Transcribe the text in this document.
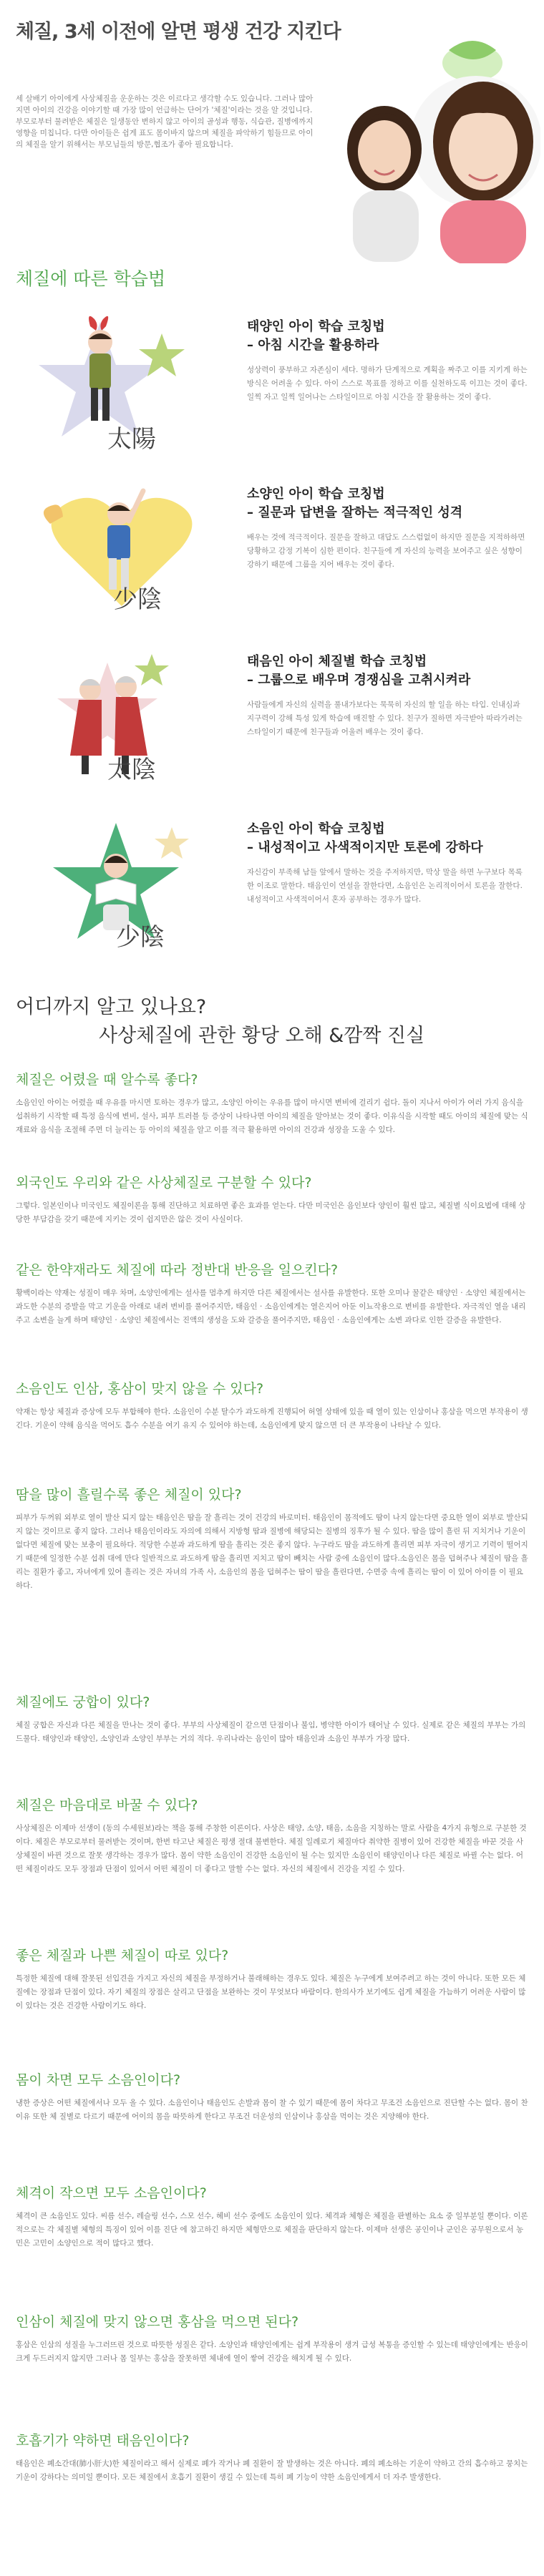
체질, 3세 이전에 알면 평생 건강 지킨다
세 살배기 아이에게 사상체질을 운운하는 것은 이르다고 생각할 수도 있습니다. 그러나 많아지면 아이의 건강을 이야기할 때 가장 많이 언급하는 단어가 '체질'이라는 것을 알 것입니다. 부모로부터 물려받은 체질은 일생동안 변하지 않고 아이의 골성과 행동, 식습관, 질병에까지 영향을 미칩니다. 다만 아이들은 쉽게 표도 몸이바지 않으며 체질을 파악하기 힘들므로 아이의 체질을 알기 위해서는 부모님들의 방문,협조가 좋아 필요합니다.
체질에 따른 학습법
太陽
태양인 아이 학습 코칭법
– 아침 시간을 활용하라
성상력이 풍부하고 자존심이 세다. 명하가 단계적으로 계획을 짜주고 이를 지키게 하는 방식은 어려울 수 있다. 아이 스스로 목표를 정하고 이를 실천하도록 이끄는 것이 좋다. 일찍 자고 일찍 일어나는 스타일이므로 아침 시간을 잘 활용하는 것이 좋다.
少陰
소양인 아이 학습 코칭법
– 질문과 답변을 잘하는 적극적인 성격
배우는 것에 적극적이다. 질문을 잘하고 대답도 스스럼없이 하지만 질문을 지적하하면 당황하고 감정 기복이 심한 편이다. 친구들에 게 자신의 능력을 보여주고 싶은 성향이 강하기 때문에 그룹을 지어 배우는 것이 좋다.
太陰
태음인 아이 체질별 학습 코칭법
– 그룹으로 배우며 경쟁심을 고취시켜라
사람들에게 자신의 실력을 풀내가보다는 묵묵히 자신의 할 일을 하는 타입. 인내심과 지구력이 강해 특성 있게 학습에 매진할 수 있다. 친구가 질하면 자극받아 따라가려는 스타일이기 때문에 친구들과 어울려 배우는 것이 좋다.
少陰
소음인 아이 학습 코칭법
– 내성적이고 사색적이지만 토론에 강하다
자신감이 부족해 남들 앞에서 말하는 것을 주저하지만, 막상 말을 하면 누구보다 목록한 이조로 말한다. 태음인이 연설을 잘한다면, 소음인은 논리적이어서 토론을 잘한다. 내성적이고 사색적이어서 혼자 공부하는 경우가 많다.
어디까지 알고 있나요?
사상체질에 관한 황당 오해 &깜짝 진실
체질은 어렸을 때 알수록 좋다?
소음인인 아이는 어렸을 때 우유를 마시면 토하는 경우가 많고, 소양인 아이는 우유를 많이 마시면 변비에 걸리기 쉽다. 돌이 지나서 아이가 여러 가지 음식을 섭취하기 시작할 때 특정 음식에 변비, 설사, 피부 트러블 등 증상이 나타나면 아이의 체질을 알아보는 것이 좋다. 이유식을 시작할 때도 아이의 체질에 맞는 식재료와 음식을 조절해 주면 더 늘리는 등 아이의 체질을 알고 이를 적극 활용하면 아이의 건강과 성장을 도울 수 있다.
외국인도 우리와 같은 사상체질로 구분할 수 있다?
그렇다. 일본인이나 미국인도 체질이론을 통해 진단하고 치료하면 좋은 효과를 얻는다. 다만 미국인은 음인보다 양인이 훨씬 많고, 체질별 식이요법에 대해 상당한 부담감을 갖기 때문에 지키는 것이 쉽지만은 않은 것이 사실이다.
같은 한약재라도 체질에 따라 정반대 반응을 일으킨다?
황백이라는 약재는 성질이 매우 차며, 소양인에게는 설사를 멈추게 하지만 다른 체질에서는 설사를 유발한다. 또한 오미나 꿀같은 태양인 · 소양인 체질에서는 과도한 수분의 증발을 막고 기운을 아래로 내려 변비를 풀어주지만, 태음인 · 소음인에게는 열은지어 아둔 이뇨작용으로 변비를 유발한다. 자극적인 열을 내리주고 소변을 늘게 하며 태양인 · 소양인 체질에서는 진액의 생성을 도와 갈증을 풀어주지만, 태음인 · 소음인에게는 소변 과다로 인한 갈증을 유발한다.
소음인도 인삼, 홍삼이 맞지 않을 수 있다?
약재는 항상 체질과 증상에 모두 부합해야 한다. 소음인이 수분 탈수가 과도하게 진행되어 허열 상태에 있을 때 열이 있는 인삼이나 홍삼을 먹으면 부작용이 생긴다. 기운이 약해 음식을 먹어도 흡수 수분을 여기 유지 수 있어야 하는데, 소음인에게 맞지 않으면 더 큰 부작용이 나타날 수 있다.
땀을 많이 흘릴수록 좋은 체질이 있다?
피부가 두꺼워 외부로 열이 발산 되지 않는 태음인은 땀을 잘 흘리는 것이 건강의 바로미터. 태음인이 몸적에도 땀이 나지 않는다면 중요한 열이 외부로 발산되지 않는 것이므로 좋지 않다. 그러나 태음인이라도 자의에 의해서 지방형 땀과 질병에 해당되는 질병의 징후가 될 수 있다. 땀을 많이 흘린 뒤 지치거나 기운이 없다면 체질에 맞는 보충이 필요하다. 적당한 수분과 과도하게 땀을 흘리는 것은 좋지 않다. 누구라도 땀을 과도하게 흘리면 피부 자극이 생기고 기력이 떨어지기 때문에 일정한 수분 섭취 대에 만다 일반적으로 과도하게 땀을 흘리면 지치고 땀이 빼치는 사람 중에 소음인이 많다.소음인은 몸을 덥혀주나 체질이 땀을 흘리는 질환가 좋고, 자녀에게 있어 흘리는 것은 자녀의 가족 사, 소음인의 몸을 덥혀주는 땀이 땀을 흘린다면, 수면중 속에 흘리는 땀이 이 있어 아이를 이 필요하다.
체질에도 궁합이 있다?
체질 궁합은 자신과 다른 체질을 만나는 것이 좋다. 부부의 사상체질이 같으면 단점이나 불임, 병약한 아이가 태어날 수 있다. 실제로 같은 체질의 부부는 가의 드물다. 태양인과 태양인, 소양인과 소양인 부부는 거의 적다. 우리나라는 음인이 많아 태음인과 소음인 부부가 가장 많다.
체질은 마음대로 바꿀 수 있다?
사상체질은 이제마 선생이 (동의 수세원보)라는 책을 통해 주창한 이론이다. 사상은 태양, 소양, 태음, 소음을 지칭하는 말로 사람을 4가지 유형으로 구분한 것이다. 체질은 부모로부터 물려받는 것이며, 한번 타고난 체질은 평생 절대 불변한다. 체질 일례로기 체질마다 취약한 질병이 있어 건강한 체질을 바꾼 것을 사상체질이 바뀐 것으로 잘못 생각하는 경우가 많다. 몸이 약한 소음인이 건강한 소음인이 될 수는 있지만 소음인이 태양인이나 다른 체질로 바뀔 수는 없다. 어떤 체질이라도 모두 장점과 단점이 있어서 어떤 체질이 더 좋다고 말할 수는 없다. 자신의 체질에서 건강을 지킬 수 있다.
좋은 체질과 나쁜 체질이 따로 있다?
특정한 체질에 대해 잘못된 선입견을 가지고 자신의 체질을 부정하거나 불래해하는 경우도 있다. 체질은 누구에게 보여주려고 하는 것이 아니다. 또한 모든 체질에는 장점과 단점이 있다. 자기 체질의 장점은 살리고 단점을 보완하는 것이 무엇보다 바람이다. 한의사가 보기에도 쉽게 체질을 가늠하기 어려운 사람이 많이 있다는 것은 건강한 사람이기도 하다.
몸이 차면 모두 소음인이다?
냉한 증상은 어떤 체질에서나 모두 올 수 있다. 소음인이나 태음인도 손발과 몸이 찰 수 있기 때문에 몸이 차다고 무조건 소음인으로 진단할 수는 없다. 몸이 찬 이유 또한 체 질별로 다르기 때문에 어이의 몸을 따뜻하게 한다고 무조건 더운성의 인삼이나 홍삼을 먹이는 것은 지양해야 한다.
체격이 작으면 모두 소음인이다?
체격이 큰 소음인도 있다. 씨름 선수, 레슬링 선수, 스모 선수, 헤비 선수 중에도 소음인이 있다. 체격과 체형은 체질을 판별하는 요소 중 일부분일 뿐이다. 이론적으로는 각 체질별 체형의 특징이 있어 이를 진단 에 참고하긴 하지만 체형만으로 체질을 판단하지 않는다. 이제마 선생은 공인이나 군인은 공무원으로서 농민은 고민이 소양인으로 적이 많다고 했다.
인삼이 체질에 맞지 않으면 홍삼을 먹으면 된다?
홍삼은 인삼의 성질을 누그러뜨린 것으로 따뜻한 성질은 같다. 소양인과 태양인에게는 쉽게 부작용이 생겨 급성 복통을 증인할 수 있는데 태양인에게는 반응이 크게 두드러지지 않지만 그러나 몸 일부는 홍삼을 잘못하면 체내에 열이 쌓여 건강을 해치게 될 수 있다.
호흡기가 약하면 태음인이다?
태음인은 폐소간대(肺小肝大)한 체질이라고 해서 실제로 폐가 작거나 폐 질환이 잘 발생하는 것은 아니다. 폐의 폐소하는 기운이 약하고 간의 흡수하고 뭉치는 기운이 강하다는 의미일 뿐이다. 모든 체질에서 호흡기 질환이 생길 수 있는데 특히 폐 기능이 약한 소음인에게서 더 자주 발생한다.
